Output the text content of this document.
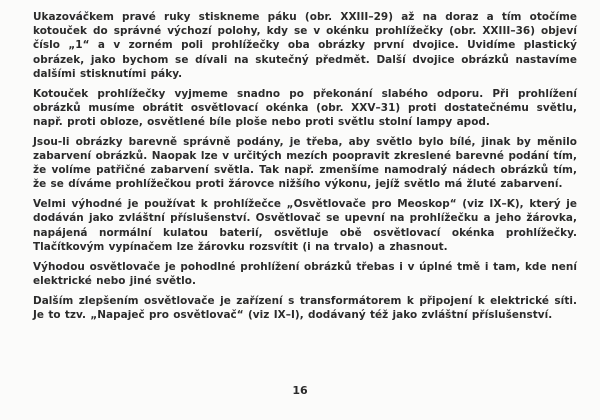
Ukazováčkem pravé ruky stiskneme páku (obr. XXIII–29) až na doraz a tím otočíme kotouček do správné výchozí polohy, kdy se v okénku prohlížečky (obr. XXIII–36) objeví číslo „1“ a v zorném poli prohlížečky oba obrázky první dvojice. Uvidíme plastický obrázek, jako bychom se dívali na skutečný předmět. Další dvojice obrázků nastavíme dalšími stisknutími páky.

Kotouček prohlížečky vyjmeme snadno po překonání slabého odporu. Při prohlížení obrázků musíme obrátit osvětlovací okénka (obr. XXV–31) proti dostatečnému světlu, např. proti obloze, osvětlené bíle ploše nebo proti světlu stolní lampy apod.

Jsou-li obrázky barevně správně podány, je třeba, aby světlo bylo bílé, jinak by měnilo zabarvení obrázků. Naopak lze v určitých mezích poopravit zkreslené barevné podání tím, že volíme patřičné zabarvení světla. Tak např. zmenšíme namodralý nádech obrázků tím, že se díváme prohlížečkou proti žárovce nižšího výkonu, jejíž světlo má žluté zabarvení.

Velmi výhodné je používat k prohlížečce „Osvětlovače pro Meoskop“ (viz IX–K), který je dodáván jako zvláštní příslušenství. Osvětlovač se upevní na prohlížečku a jeho žárovka, napájená normální kulatou baterií, osvětluje obě osvětlovací okénka prohlížečky. Tlačítkovým vypínačem lze žárovku rozsvítit (i na trvalo) a zhasnout.

Výhodou osvětlovače je pohodlné prohlížení obrázků třebas i v úplné tmě i tam, kde není elektrické nebo jiné světlo.

Dalším zlepšením osvětlovače je zařízení s transformátorem k připojení k elektrické síti. Je to tzv. „Napaječ pro osvětlovač“ (viz IX–I), dodávaný též jako zvláštní příslušenství.

16
